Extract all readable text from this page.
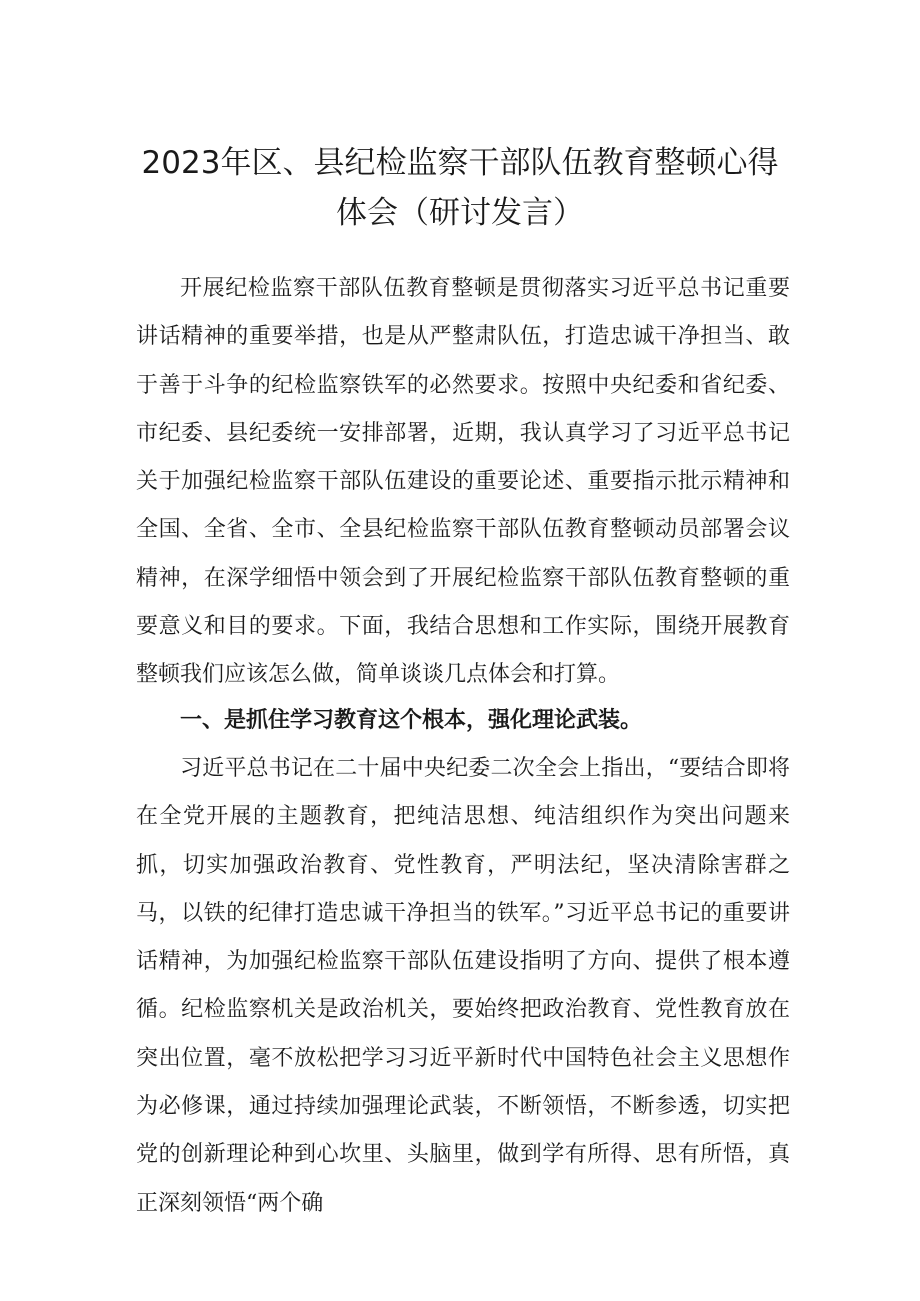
2023年区、县纪检监察干部队伍教育整顿心得体会（研讨发言）

开展纪检监察干部队伍教育整顿是贯彻落实习近平总书记重要讲话精神的重要举措，也是从严整肃队伍，打造忠诚干净担当、敢于善于斗争的纪检监察铁军的必然要求。按照中央纪委和省纪委、市纪委、县纪委统一安排部署，近期，我认真学习了习近平总书记关于加强纪检监察干部队伍建设的重要论述、重要指示批示精神和全国、全省、全市、全县纪检监察干部队伍教育整顿动员部署会议精神，在深学细悟中领会到了开展纪检监察干部队伍教育整顿的重要意义和目的要求。下面，我结合思想和工作实际，围绕开展教育整顿我们应该怎么做，简单谈谈几点体会和打算。

一、是抓住学习教育这个根本，强化理论武装。

习近平总书记在二十届中央纪委二次全会上指出，“要结合即将在全党开展的主题教育，把纯洁思想、纯洁组织作为突出问题来抓，切实加强政治教育、党性教育，严明法纪，坚决清除害群之马，以铁的纪律打造忠诚干净担当的铁军。”习近平总书记的重要讲话精神，为加强纪检监察干部队伍建设指明了方向、提供了根本遵循。纪检监察机关是政治机关，要始终把政治教育、党性教育放在突出位置，毫不放松把学习习近平新时代中国特色社会主义思想作为必修课，通过持续加强理论武装，不断领悟，不断参透，切实把党的创新理论种到心坎里、头脑里，做到学有所得、思有所悟，真正深刻领悟“两个确
